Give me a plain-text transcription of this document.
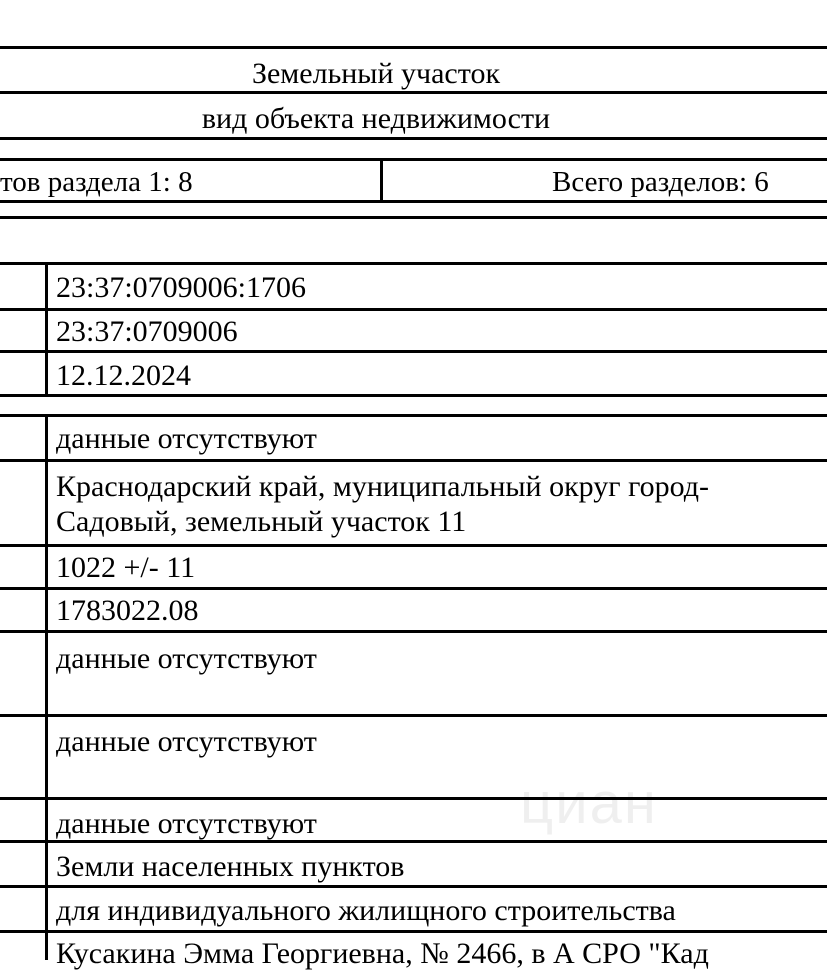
Земельный участок
вид объекта недвижимости
тов раздела 1: 8	Всего разделов: 6
23:37:0709006:1706
23:37:0709006
12.12.2024
данные отсутствуют
Краснодарский край, муниципальный округ город-
Садовый, земельный участок 11
1022 +/- 11
1783022.08
данные отсутствуют
данные отсутствуют
данные отсутствуют
Земли населенных пунктов
для индивидуального жилищного строительства
Кусакина Эмма Георгиевна, № 2466, в А СРО "Кад
циан
